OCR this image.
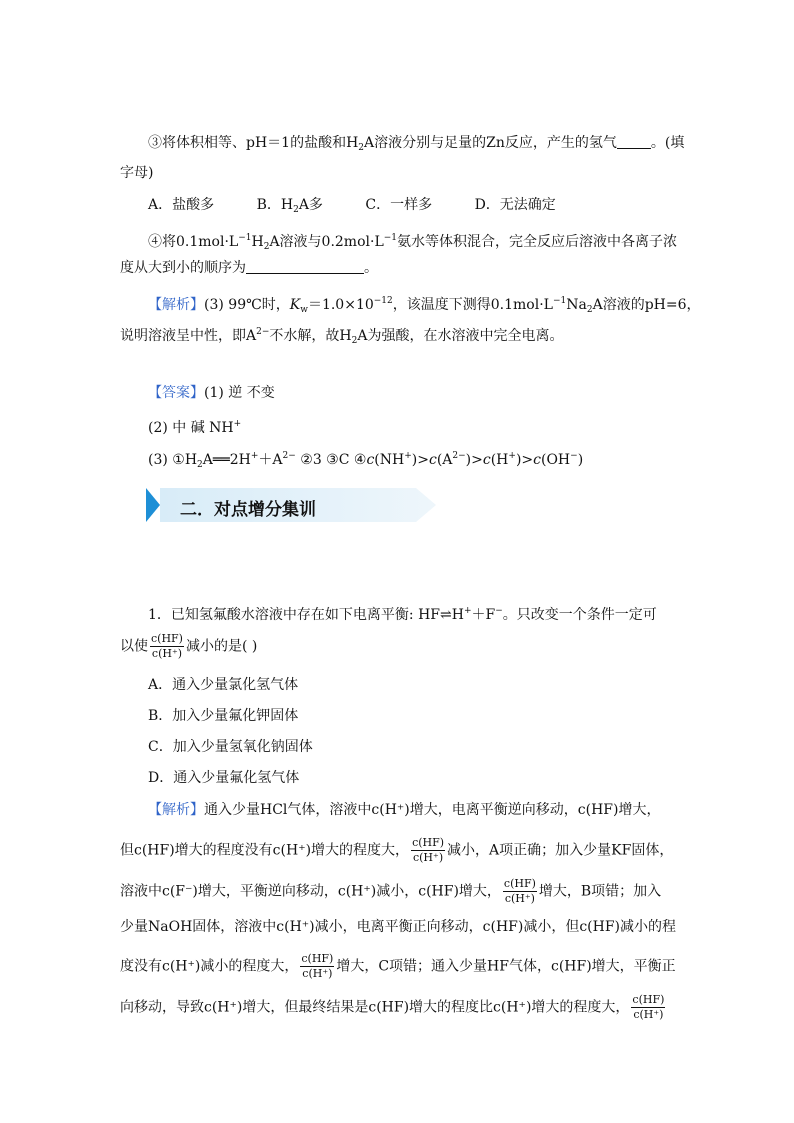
③将体积相等、pH＝1的盐酸和$H_2A$溶液分别与足量的Zn反应，产生的氢气 。(填
字母)
A．盐酸多	B．$H_2A$多	C．一样多	D．无法确定
④将$0.1mol\cdot L^{-1}H_2A$溶液与$0.2mol\cdot L^{-1}$氨水等体积混合，完全反应后溶液中各离子浓
度从大到小的顺序为	。
【解析】(3) 99℃时，$K_w=1.0\times 10^{-12}$，该温度下测得$0.1mol\cdot L^{-1}Na_2A$溶液的pH=6，
说明溶液呈中性，即$A^{2-}$不水解，故$H_2A$为强酸，在水溶液中完全电离。
【答案】(1) 逆 不变
(2) 中 碱 NH+
(3) $①H_2A══2H^++A^{2-}$ ②3 ③C $④c(NH^+)>c(A^{2-})>c(H^+)>c(OH^-)$
二．对点增分集训
1．已知氢氟酸水溶液中存在如下电离平衡: HF⇌H+＋F−。只改变一个条件一定可
以使 $\frac{c(HF)}{c(H^+)}$ 减小的是( )
A．通入少量氯化氢气体
B．加入少量氟化钾固体
C．加入少量氢氧化钠固体
D．通入少量氟化氢气体
【解析】通入少量HCl气体，溶液中c(H⁺)增大，电离平衡逆向移动，c(HF)增大，
但c(HF)增大的程度没有c(H⁺)增大的程度大， $\frac{c(HF)}{c(H^+)}$ 减小，A项正确；加入少量KF固体，
溶液中c(F⁻)增大，平衡逆向移动，c(H⁺)减小，c(HF)增大， $\frac{c(HF)}{c(H^+)}$ 增大，B项错；加入
少量NaOH固体，溶液中c(H⁺)减小，电离平衡正向移动，c(HF)减小，但c(HF)减小的程
度没有c(H⁺)减小的程度大， $\frac{c(HF)}{c(H^+)}$ 增大，C项错；通入少量HF气体，c(HF)增大，平衡正
向移动，导致c(H⁺)增大，但最终结果是c(HF)增大的程度比c(H⁺)增大的程度大， $\frac{c(HF)}{c(H^+)}$
